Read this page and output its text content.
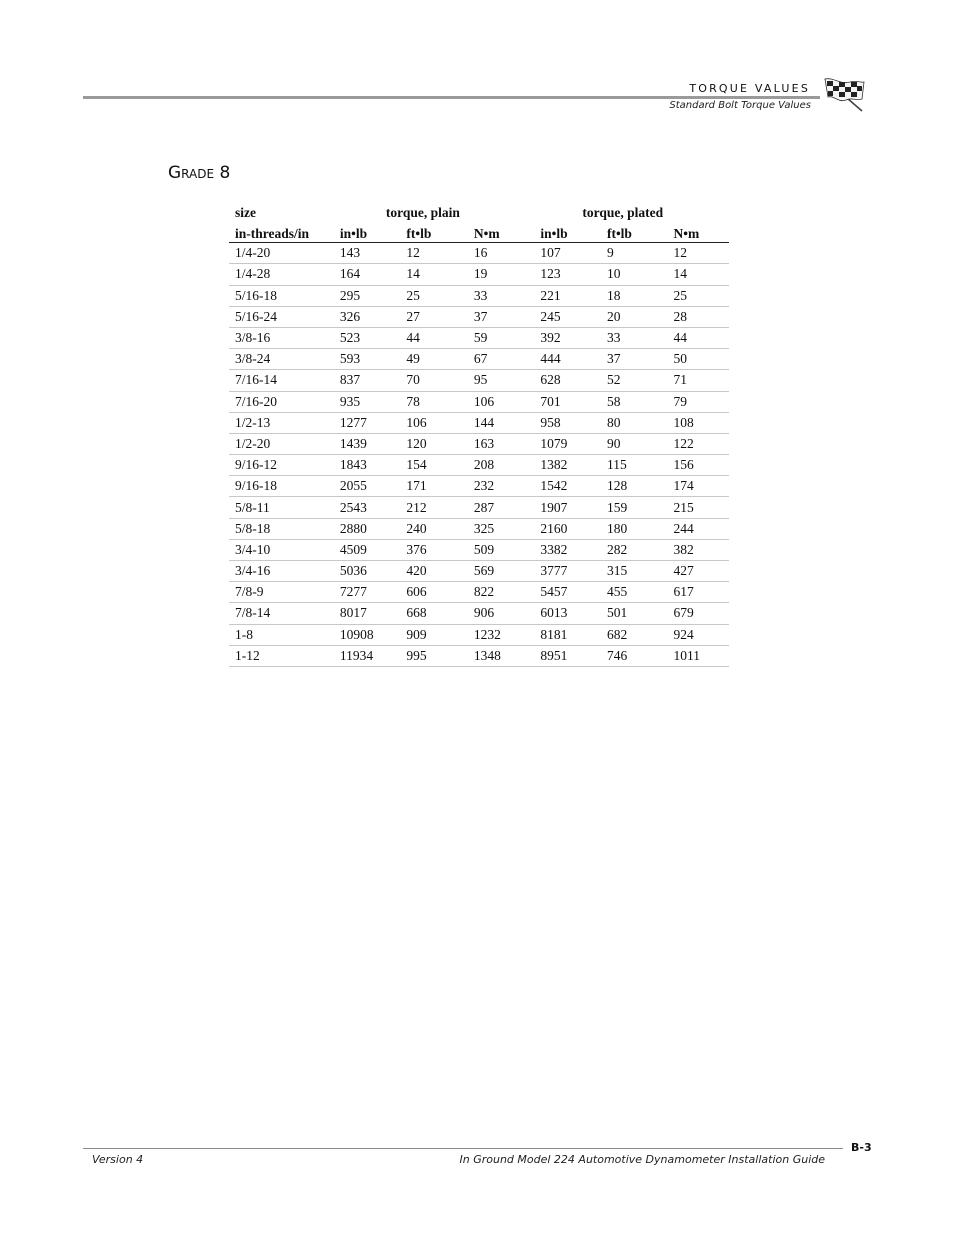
TORQUE VALUES
Standard Bolt Torque Values
Grade 8
size	torque, plain			torque, plated		
in-threads/in	in•lb	ft•lb	N•m	in•lb	ft•lb	N•m
1/4-20	143	12	16	107	9	12
1/4-28	164	14	19	123	10	14
5/16-18	295	25	33	221	18	25
5/16-24	326	27	37	245	20	28
3/8-16	523	44	59	392	33	44
3/8-24	593	49	67	444	37	50
7/16-14	837	70	95	628	52	71
7/16-20	935	78	106	701	58	79
1/2-13	1277	106	144	958	80	108
1/2-20	1439	120	163	1079	90	122
9/16-12	1843	154	208	1382	115	156
9/16-18	2055	171	232	1542	128	174
5/8-11	2543	212	287	1907	159	215
5/8-18	2880	240	325	2160	180	244
3/4-10	4509	376	509	3382	282	382
3/4-16	5036	420	569	3777	315	427
7/8-9	7277	606	822	5457	455	617
7/8-14	8017	668	906	6013	501	679
1-8	10908	909	1232	8181	682	924
1-12	11934	995	1348	8951	746	1011
B-3
Version 4	In Ground Model 224 Automotive Dynamometer Installation Guide
